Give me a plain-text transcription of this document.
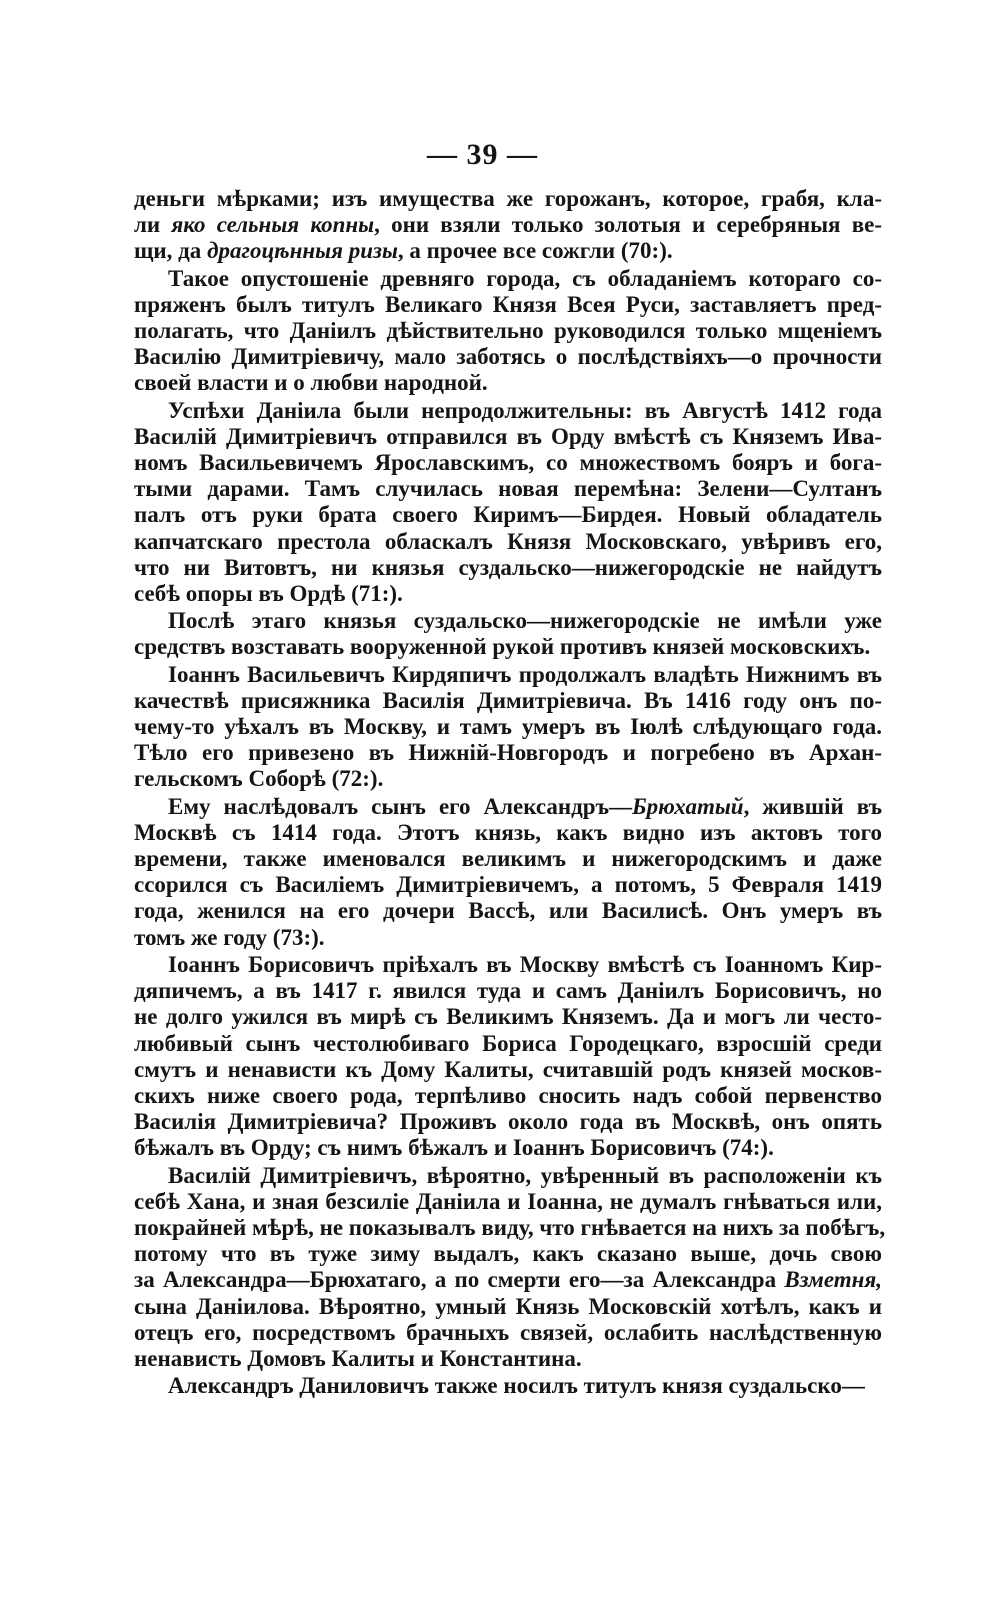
— 39 —
деньги мѣрками; изъ имущества же горожанъ, которое, грабя, кла-
ли яко сельныя копны, они взяли только золотыя и серебряныя ве-
щи, да драгоцѣнныя ризы, а прочее все сожгли (70:).
Такое опустошеніе древняго города, съ обладаніемъ котораго со-
пряженъ былъ титулъ Великаго Князя Всея Руси, заставляетъ пред-
полагать, что Даніилъ дѣйствительно руководился только мщеніемъ
Василію Димитріевичу, мало заботясь о послѣдствіяхъ—о прочности
своей власти и о любви народной.
Успѣхи Даніила были непродолжительны: въ Августѣ 1412 года
Василій Димитріевичъ отправился въ Орду вмѣстѣ съ Княземъ Ива-
номъ Васильевичемъ Ярославскимъ, со множествомъ бояръ и бога-
тыми дарами. Тамъ случилась новая перемѣна: Зелени—Султанъ
палъ отъ руки брата своего Киримъ—Бирдея. Новый обладатель
капчатскаго престола обласкалъ Князя Московскаго, увѣривъ его,
что ни Витовтъ, ни князья суздальско—нижегородскіе не найдутъ
себѣ опоры въ Ордѣ (71:).
Послѣ этаго князья суздальско—нижегородскіе не имѣли уже
средствъ возставать вооруженной рукой противъ князей московскихъ.
Іоаннъ Васильевичъ Кирдяпичъ продолжалъ владѣть Нижнимъ въ
качествѣ присяжника Василія Димитріевича. Въ 1416 году онъ по-
чему-то уѣхалъ въ Москву, и тамъ умеръ въ Іюлѣ слѣдующаго года.
Тѣло его привезено въ Нижній-Новгородъ и погребено въ Архан-
гельскомъ Соборѣ (72:).
Ему наслѣдовалъ сынъ его Александръ—Брюхатый, жившій въ
Москвѣ съ 1414 года. Этотъ князь, какъ видно изъ актовъ того
времени, также именовался великимъ и нижегородскимъ и даже
ссорился съ Василіемъ Димитріевичемъ, а потомъ, 5 Февраля 1419
года, женился на его дочери Вассѣ, или Василисѣ. Онъ умеръ въ
томъ же году (73:).
Іоаннъ Борисовичъ пріѣхалъ въ Москву вмѣстѣ съ Іоанномъ Кир-
дяпичемъ, а въ 1417 г. явился туда и самъ Даніилъ Борисовичъ, но
не долго ужился въ мирѣ съ Великимъ Княземъ. Да и могъ ли често-
любивый сынъ честолюбиваго Бориса Городецкаго, взросшій среди
смутъ и ненависти къ Дому Калиты, считавшій родъ князей москов-
скихъ ниже своего рода, терпѣливо сносить надъ собой первенство
Василія Димитріевича? Проживъ около года въ Москвѣ, онъ опять
бѣжалъ въ Орду; съ нимъ бѣжалъ и Іоаннъ Борисовичъ (74:).
Василій Димитріевичъ, вѣроятно, увѣренный въ расположеніи къ
себѣ Хана, и зная безсиліе Даніила и Іоанна, не думалъ гнѣваться или,
покрайней мѣрѣ, не показывалъ виду, что гнѣвается на нихъ за побѣгъ,
потому что въ туже зиму выдалъ, какъ сказано выше, дочь свою
за Александра—Брюхатаго, а по смерти его—за Александра Взметня,
сына Даніилова. Вѣроятно, умный Князь Московскій хотѣлъ, какъ и
отецъ его, посредствомъ брачныхъ связей, ослабить наслѣдственную
ненависть Домовъ Калиты и Константина.
Александръ Даниловичъ также носилъ титулъ князя суздальско—
